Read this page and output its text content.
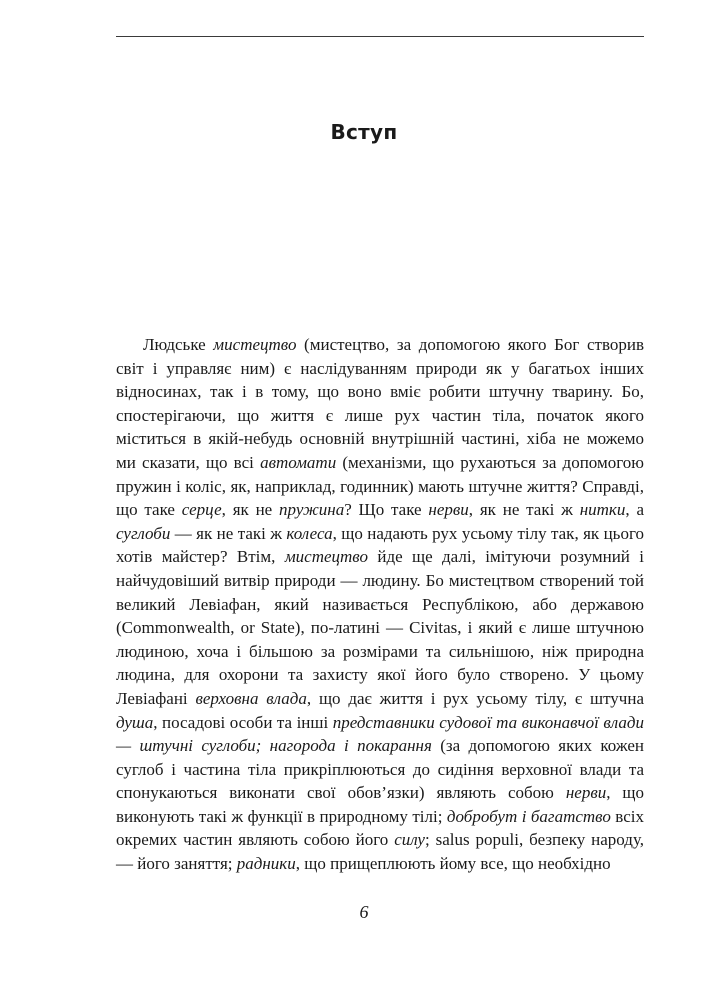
Вступ

Людське мистецтво (мистецтво, за допомогою якого Бог створив світ і управляє ним) є наслідуванням природи як у багатьох інших відносинах, так і в тому, що воно вміє робити штучну тварину. Бо, спостерігаючи, що життя є лише рух частин тіла, початок якого міститься в якій-небудь основній внутрішній частині, хіба не можемо ми сказати, що всі автомати (механізми, що рухаються за допомогою пружин і коліс, як, наприклад, годинник) мають штучне життя? Справді, що таке серце, як не пружина? Що таке нерви, як не такі ж нитки, а суглоби — як не такі ж колеса, що надають рух усьому тілу так, як цього хотів майстер? Втім, мистецтво йде ще далі, імітуючи розумний і найчудовіший витвір природи — людину. Бо мистецтвом створений той великий Левіафан, який називається Республікою, або державою (Commonwealth, or State), по-латині — Civitas, і який є лише штучною людиною, хоча і більшою за розмірами та сильнішою, ніж природна людина, для охорони та захисту якої його було створено. У цьому Левіафані верховна влада, що дає життя і рух усьому тілу, є штучна душа, посадові особи та інші представники судової та виконавчої влади — штучні суглоби; нагорода і покарання (за допомогою яких кожен суглоб і частина тіла прикріплюються до сидіння верховної влади та спонукаються виконати свої обов’язки) являють собою нерви, що виконують такі ж функції в природному тілі; добробут і багатство всіх окремих частин являють собою його силу; salus populi, безпеку народу, — його заняття; радники, що прищеплюють йому все, що необхідно

6
